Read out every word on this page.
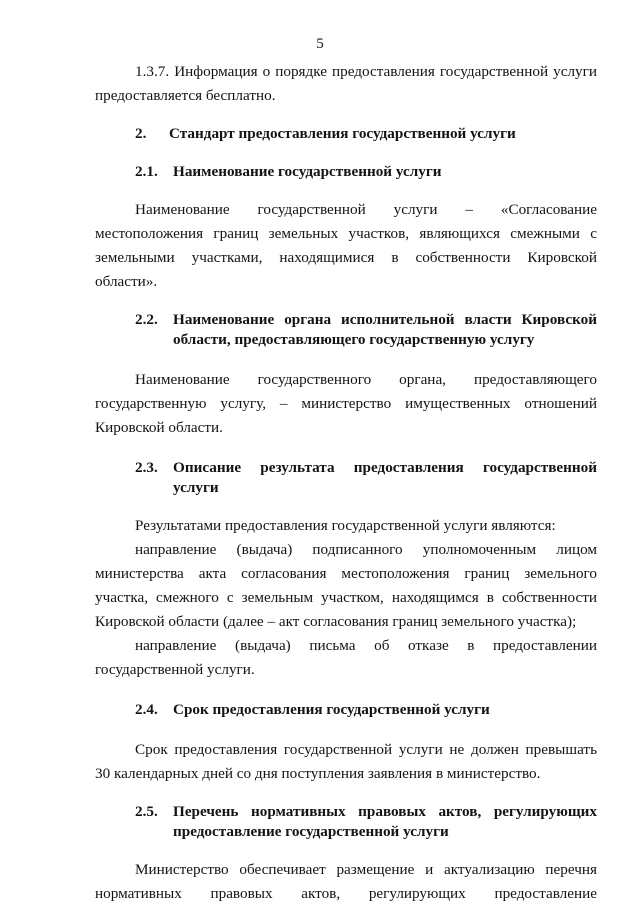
5

1.3.7. Информация о порядке предоставления государственной услуги предоставляется бесплатно.

2.	Стандарт предоставления государственной услуги
2.1.	Наименование государственной услуги

Наименование государственной услуги – «Согласование местоположения границ земельных участков, являющихся смежными с земельными участками, находящимися в собственности Кировской области».

2.2.	Наименование органа исполнительной власти Кировской области, предоставляющего государственную услугу

Наименование государственного органа, предоставляющего государственную услугу, – министерство имущественных отношений Кировской области.

2.3.	Описание результата предоставления государственной услуги

Результатами предоставления государственной услуги являются:

направление (выдача) подписанного уполномоченным лицом министерства акта согласования местоположения границ земельного участка, смежного с земельным участком, находящимся в собственности Кировской области (далее – акт согласования границ земельного участка);

направление (выдача) письма об отказе в предоставлении государственной услуги.

2.4.	Срок предоставления государственной услуги

Срок предоставления государственной услуги не должен превышать 30 календарных дней со дня поступления заявления в министерство.

2.5.	Перечень нормативных правовых актов, регулирующих предоставление государственной услуги

Министерство обеспечивает размещение и актуализацию перечня нормативных правовых актов, регулирующих предоставление
